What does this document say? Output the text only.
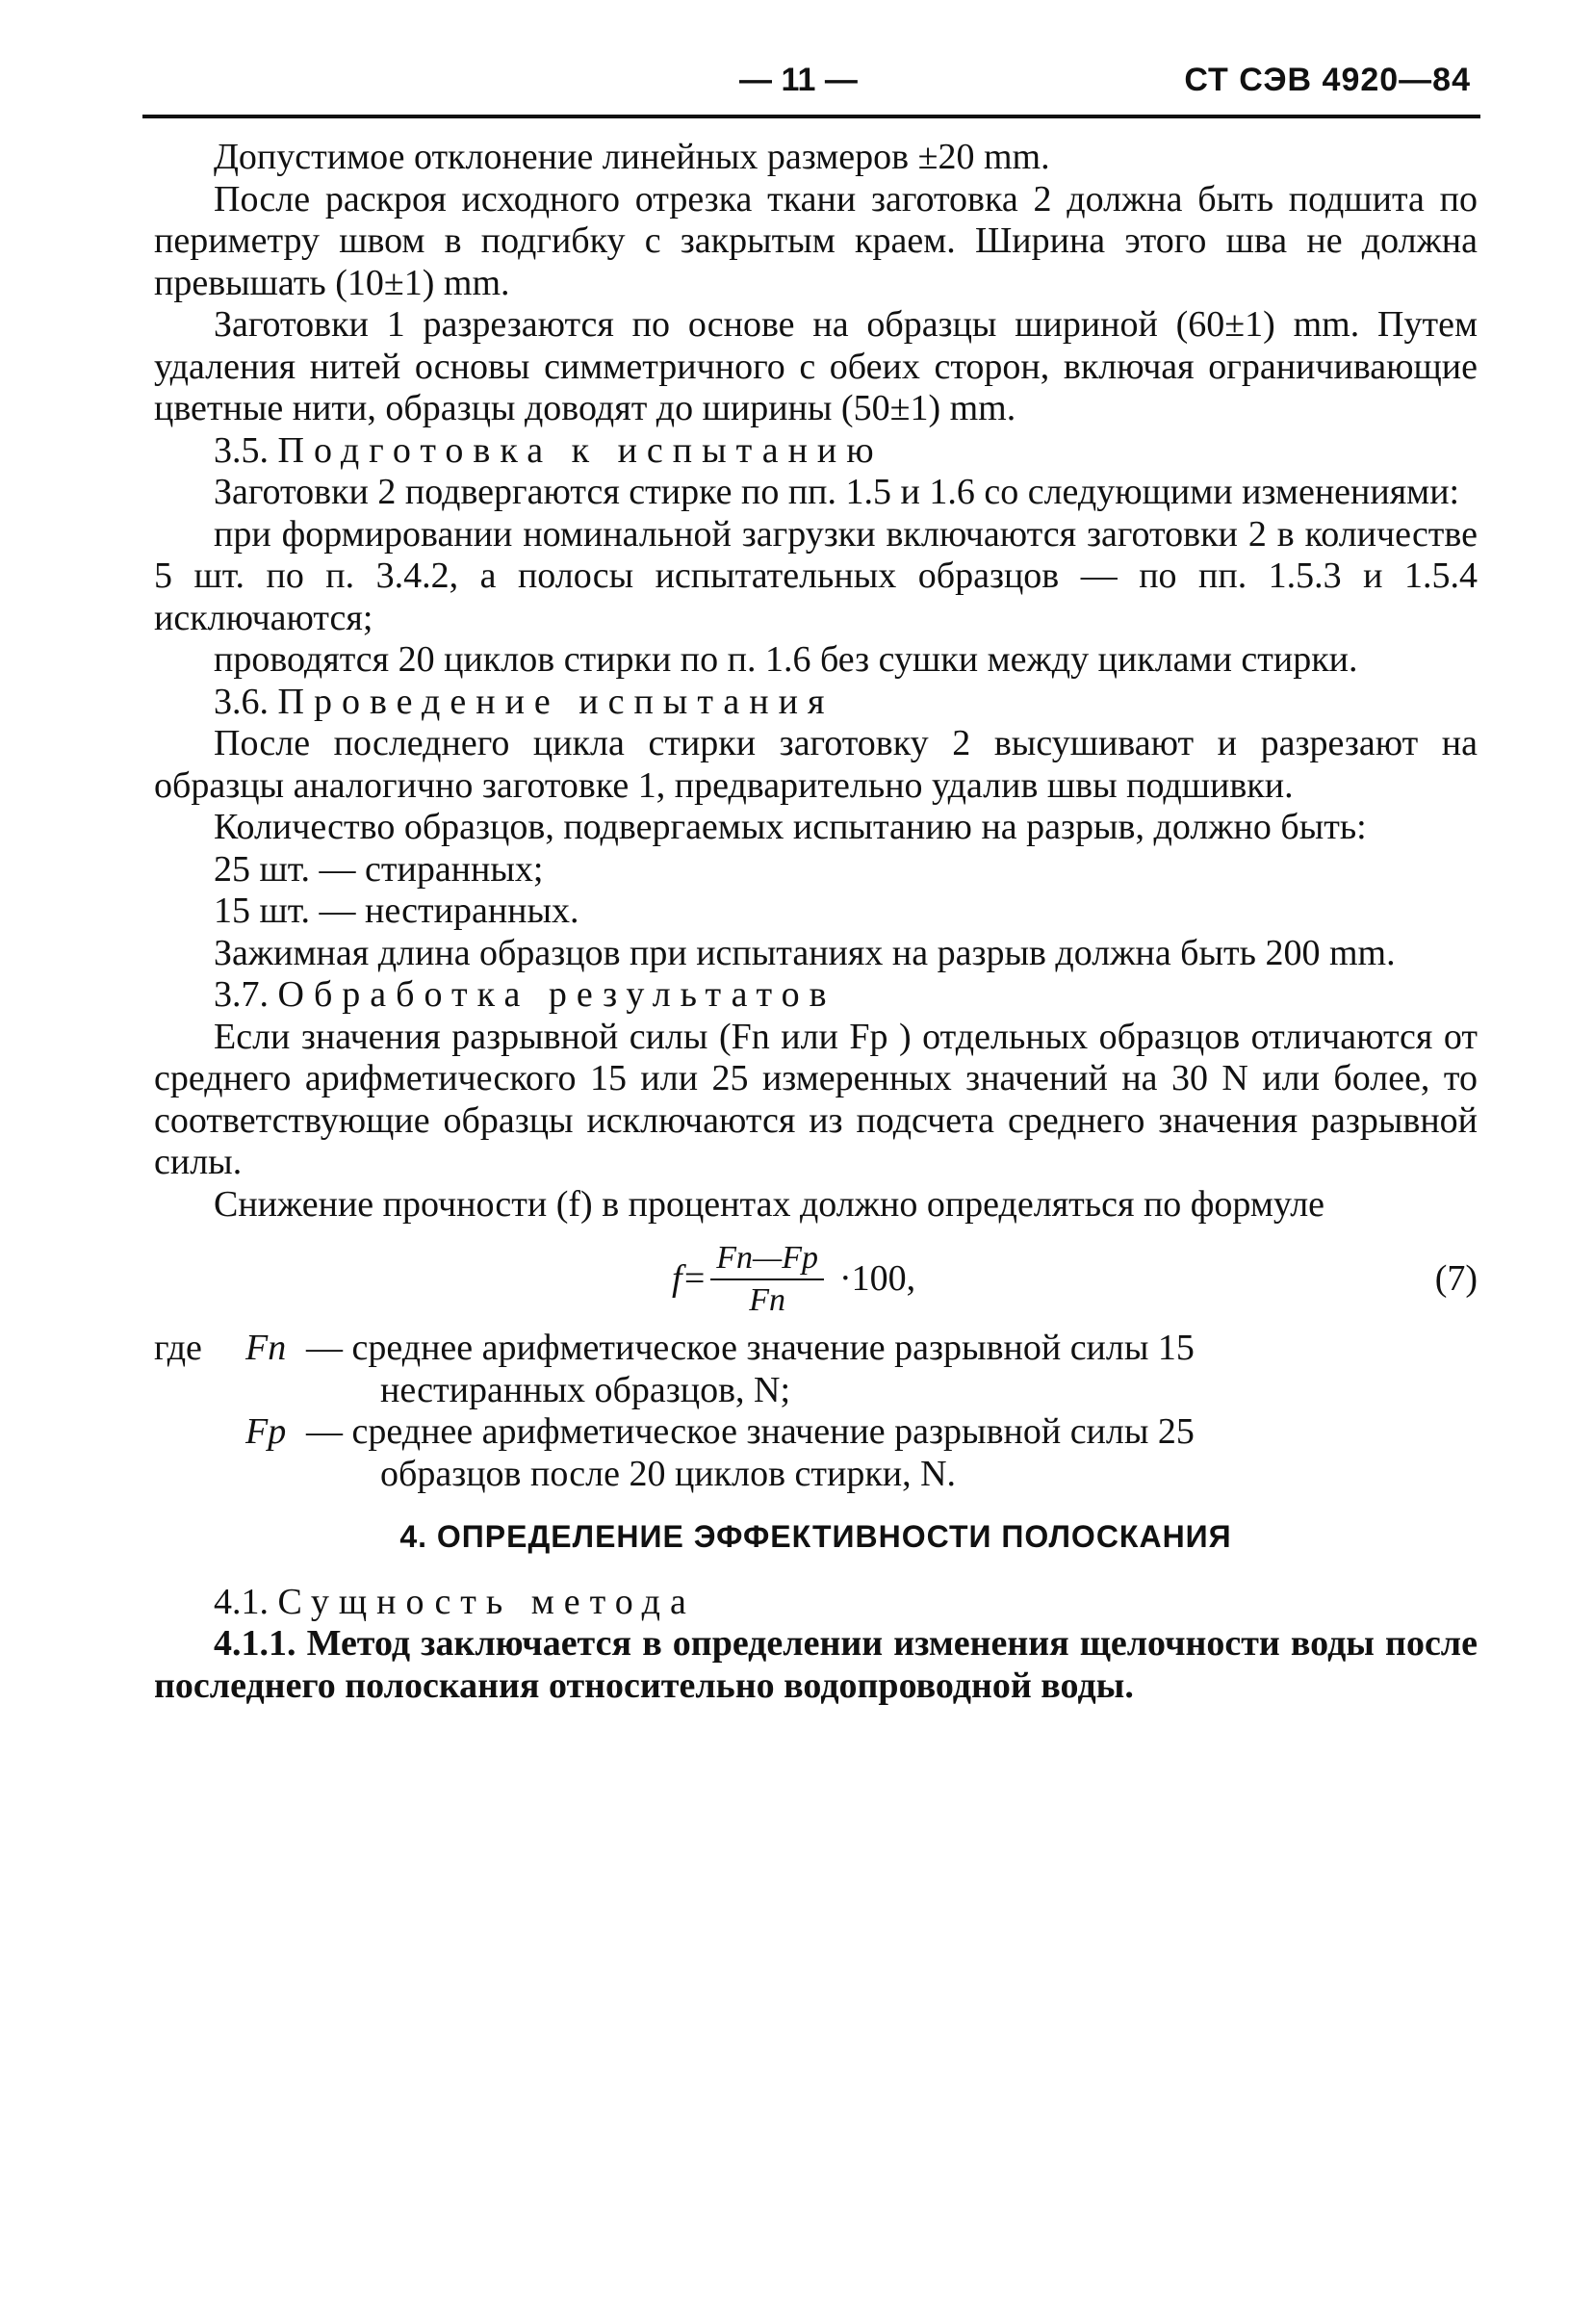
— 11 —	СТ СЭВ 4920—84

Допустимое отклонение линейных размеров ±20 mm.

После раскроя исходного отрезка ткани заготовка 2 должна быть подшита по периметру швом в подгибку с закрытым краем. Ширина этого шва не должна превышать (10±1) mm.

Заготовки 1 разрезаются по основе на образцы шириной (60±1) mm. Путем удаления нитей основы симметричного с обеих сторон, включая ограничивающие цветные нити, образцы доводят до ширины (50±1) mm.

3.5. Подготовка к испытанию

Заготовки 2 подвергаются стирке по пп. 1.5 и 1.6 со следующими изменениями:

при формировании номинальной загрузки включаются заготовки 2 в количестве 5 шт. по п. 3.4.2, а полосы испытательных образцов — по пп. 1.5.3 и 1.5.4 исключаются;

проводятся 20 циклов стирки по п. 1.6 без сушки между циклами стирки.

3.6. Проведение испытания

После последнего цикла стирки заготовку 2 высушивают и разрезают на образцы аналогично заготовке 1, предварительно удалив швы подшивки.

Количество образцов, подвергаемых испытанию на разрыв, должно быть:

25 шт. — стиранных;

15 шт. — нестиранных.

Зажимная длина образцов при испытаниях на разрыв должна быть 200 mm.

3.7. Обработка результатов

Если значения разрывной силы (Fn или Fp ) отдельных образцов отличаются от среднего арифметического 15 или 25 измеренных значений на 30 N или более, то соответствующие образцы исключаются из подсчета среднего значения разрывной силы.

Снижение прочности (f) в процентах должно определяться по формуле

$f= \frac{Fn—Fp}{Fn} \cdot 100$,	(7)
где Fn — среднее арифметическое значение разрывной силы 15

нестиранных образцов, N;

Fp — среднее арифметическое значение разрывной силы 25

образцов после 20 циклов стирки, N.

4. ОПРЕДЕЛЕНИЕ ЭФФЕКТИВНОСТИ ПОЛОСКАНИЯ

4.1. Сущность метода

4.1.1. Метод заключается в определении изменения щелочности воды после последнего полоскания относительно водопроводной воды.
